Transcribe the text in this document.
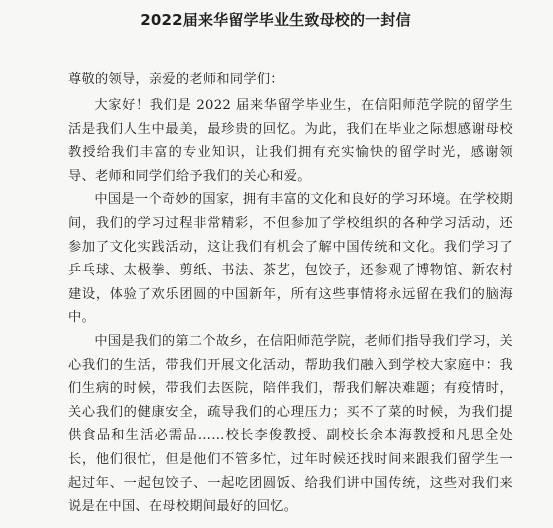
2022届来华留学毕业生致母校的一封信

尊敬的领导，亲爱的老师和同学们：

大家好！我们是 2022 届来华留学毕业生，在信阳师范学院的留学生活是我们人生中最美，最珍贵的回忆。为此，我们在毕业之际想感谢母校教授给我们丰富的专业知识，让我们拥有充实愉快的留学时光，感谢领导、老师和同学们给予我们的关心和爱。

中国是一个奇妙的国家，拥有丰富的文化和良好的学习环境。在学校期间，我们的学习过程非常精彩，不但参加了学校组织的各种学习活动，还参加了文化实践活动，这让我们有机会了解中国传统和文化。我们学习了乒乓球、太极拳、剪纸、书法、茶艺，包饺子，还参观了博物馆、新农村建设，体验了欢乐团圆的中国新年，所有这些事情将永远留在我们的脑海中。

中国是我们的第二个故乡，在信阳师范学院，老师们指导我们学习，关心我们的生活，带我们开展文化活动，帮助我们融入到学校大家庭中：我们生病的时候，带我们去医院，陪伴我们，帮我们解决难题；有疫情时，关心我们的健康安全，疏导我们的心理压力；买不了菜的时候，为我们提供食品和生活必需品……校长李俊教授、副校长余本海教授和凡思全处长，他们很忙，但是他们不管多忙，过年时候还找时间来跟我们留学生一起过年、一起包饺子、一起吃团圆饭、给我们讲中国传统，这些对我们来说是在中国、在母校期间最好的回忆。
